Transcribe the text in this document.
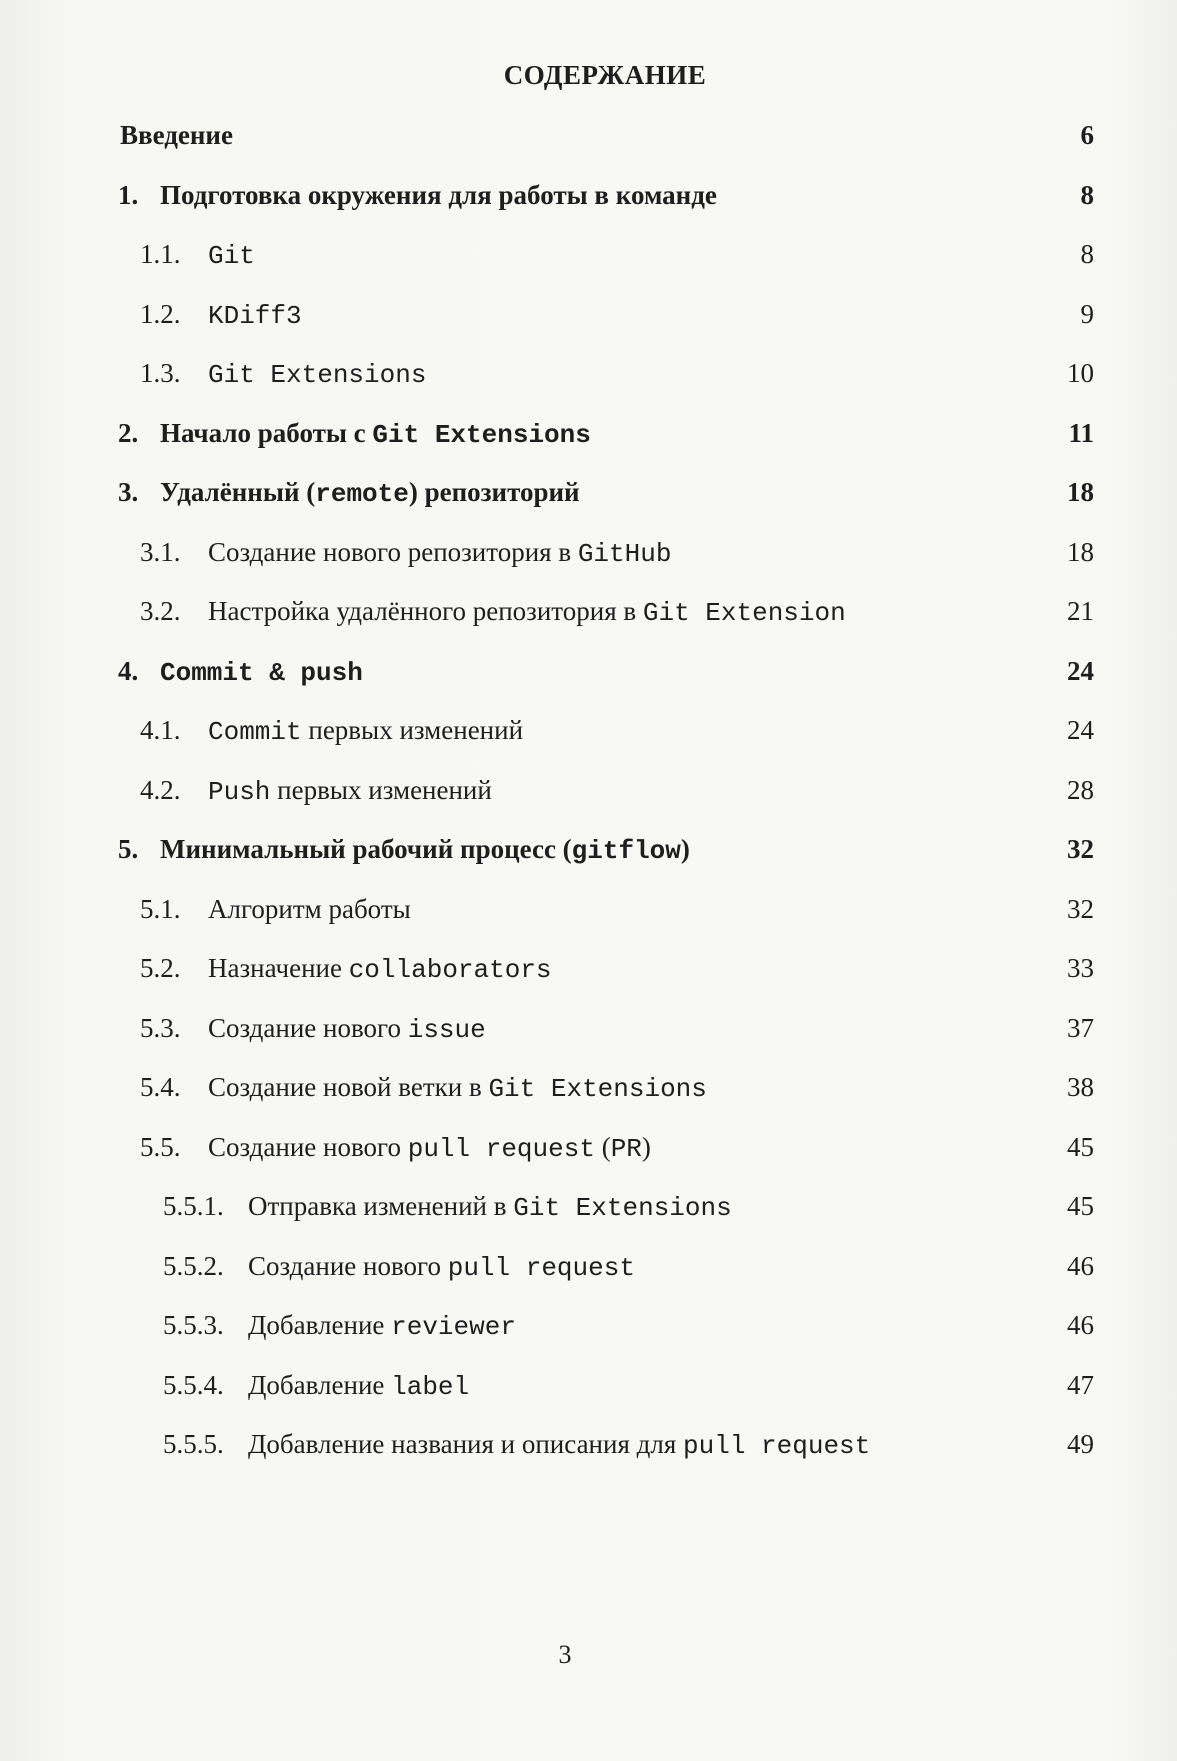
СОДЕРЖАНИЕ
Введение	6
1. Подготовка окружения для работы в команде	8
1.1. Git	8
1.2. KDiff3	9
1.3. Git Extensions	10
2. Начало работы с Git Extensions	11
3. Удалённый (remote) репозиторий	18
3.1. Создание нового репозитория в GitHub	18
3.2. Настройка удалённого репозитория в Git Extension	21
4. Commit & push	24
4.1. Commit первых изменений	24
4.2. Push первых изменений	28
5. Минимальный рабочий процесс (gitflow)	32
5.1. Алгоритм работы	32
5.2. Назначение collaborators	33
5.3. Создание нового issue	37
5.4. Создание новой ветки в Git Extensions	38
5.5. Создание нового pull request (PR)	45
5.5.1. Отправка изменений в Git Extensions	45
5.5.2. Создание нового pull request	46
5.5.3. Добавление reviewer	46
5.5.4. Добавление label	47
5.5.5. Добавление названия и описания для pull request	49
3
